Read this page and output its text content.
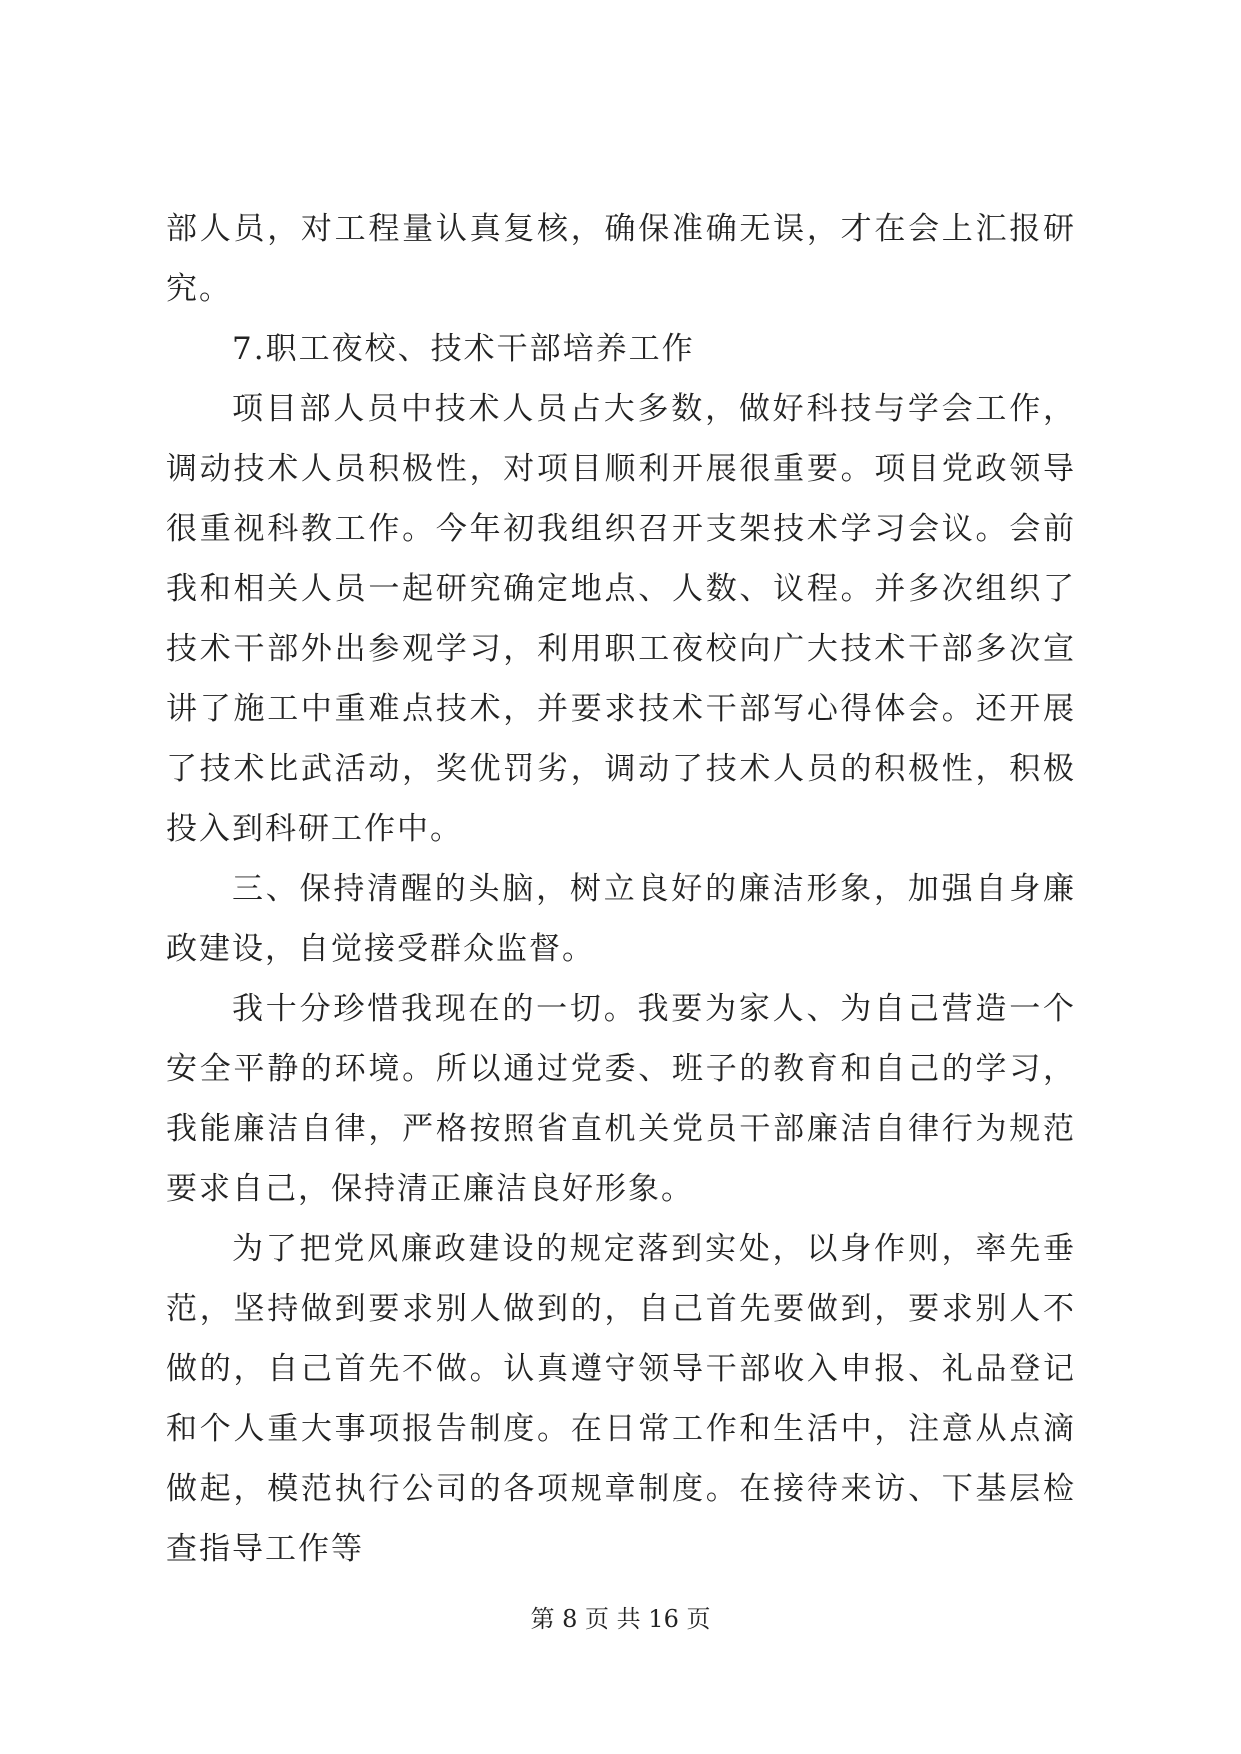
部人员，对工程量认真复核，确保准确无误，才在会上汇报研究。

7.职工夜校、技术干部培养工作

项目部人员中技术人员占大多数，做好科技与学会工作，调动技术人员积极性，对项目顺利开展很重要。项目党政领导很重视科教工作。今年初我组织召开支架技术学习会议。会前我和相关人员一起研究确定地点、人数、议程。并多次组织了技术干部外出参观学习，利用职工夜校向广大技术干部多次宣讲了施工中重难点技术，并要求技术干部写心得体会。还开展了技术比武活动，奖优罚劣，调动了技术人员的积极性，积极投入到科研工作中。

三、保持清醒的头脑，树立良好的廉洁形象，加强自身廉政建设，自觉接受群众监督。

我十分珍惜我现在的一切。我要为家人、为自己营造一个安全平静的环境。所以通过党委、班子的教育和自己的学习，我能廉洁自律，严格按照省直机关党员干部廉洁自律行为规范要求自己，保持清正廉洁良好形象。

为了把党风廉政建设的规定落到实处，以身作则，率先垂范，坚持做到要求别人做到的，自己首先要做到，要求别人不做的，自己首先不做。认真遵守领导干部收入申报、礼品登记和个人重大事项报告制度。在日常工作和生活中，注意从点滴做起，模范执行公司的各项规章制度。在接待来访、下基层检查指导工作等

第 8 页 共 16 页
